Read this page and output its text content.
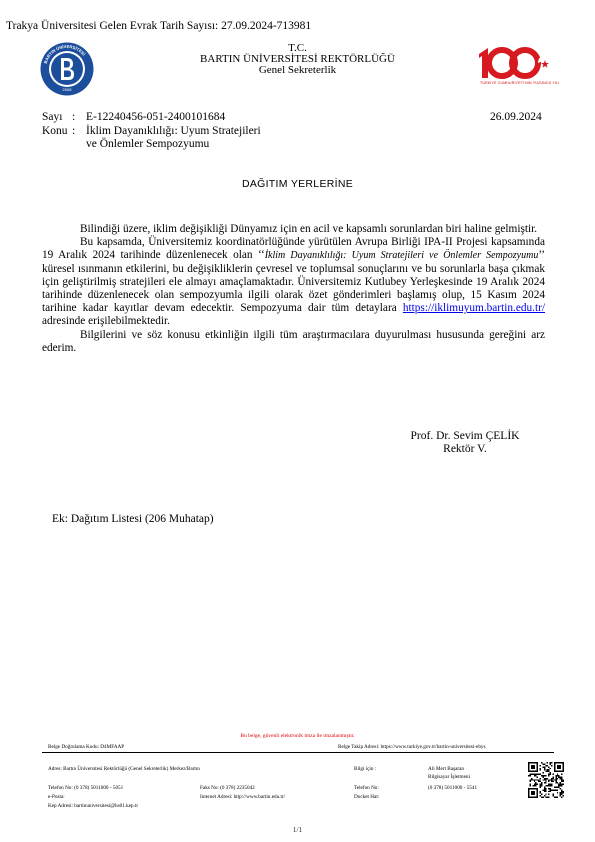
Trakya Üniversitesi Gelen Evrak Tarih Sayısı: 27.09.2024-713981
BARTIN ÜNİVERSİTESİ
2008
T.C.
BARTIN ÜNİVERSİTESİ REKTÖRLÜĞÜ
Genel Sekreterlik
TÜRKİYE CUMHURİYETİ'NİN YÜZÜNCÜ YILI
Sayı : E-12240456-051-2400101684
Konu : İklim Dayanıklılığı: Uyum Stratejileri
ve Önlemler Sempozyumu
26.09.2024
DAĞITIM YERLERİNE

Bilindiği üzere, iklim değişikliği Dünyamız için en acil ve kapsamlı sorunlardan biri haline gelmiştir.

Bu kapsamda, Üniversitemiz koordinatörlüğünde yürütülen Avrupa Birliği IPA-II Projesi kapsamında 19 Aralık 2024 tarihinde düzenlenecek olan ‘‘İklim Dayanıklılığı: Uyum Stratejileri ve Önlemler Sempozyumu’’ küresel ısınmanın etkilerini, bu değişikliklerin çevresel ve toplumsal sonuçlarını ve bu sorunlarla başa çıkmak için geliştirilmiş stratejileri ele almayı amaçlamaktadır. Üniversitemiz Kutlubey Yerleşkesinde 19 Aralık 2024 tarihinde düzenlenecek olan sempozyumla ilgili olarak özet gönderimleri başlamış olup, 15 Kasım 2024 tarihine kadar kayıtlar devam edecektir. Sempozyuma dair tüm detaylara https://iklimuyum.bartin.edu.tr/ adresinde erişilebilmektedir.

Bilgilerini ve söz konusu etkinliğin ilgili tüm araştırmacılara duyurulması hususunda gereğini arz ederim.

Prof. Dr. Sevim ÇELİK
Rektör V.
Ek: Dağıtım Listesi (206 Muhatap)
Bu belge, güvenli elektronik imza ile imzalanmıştır.
Belge Doğrulama Kodu: D4MFAAP	Belge Takip Adresi: https://www.turkiye.gov.tr/bartin-universitesi-ebys
Adres: Bartın Üniversitesi Rektörlüğü (Genel Sekreterlik) Merkez/Bartın	Bilgi için :	Ali Mert Başaran
Bilgisayar İşletmeni
Telefon No: (0 378) 5011000 - 5051	Faks No: (0 378) 2235042	Telefon No:	(0 378) 5011000 - 5541
e-Posta:	Internet Adresi: http://www.bartin.edu.tr/	Docket Hat:
Kep Adresi: bartinuniversitesi@hs01.kep.tr
1/1
